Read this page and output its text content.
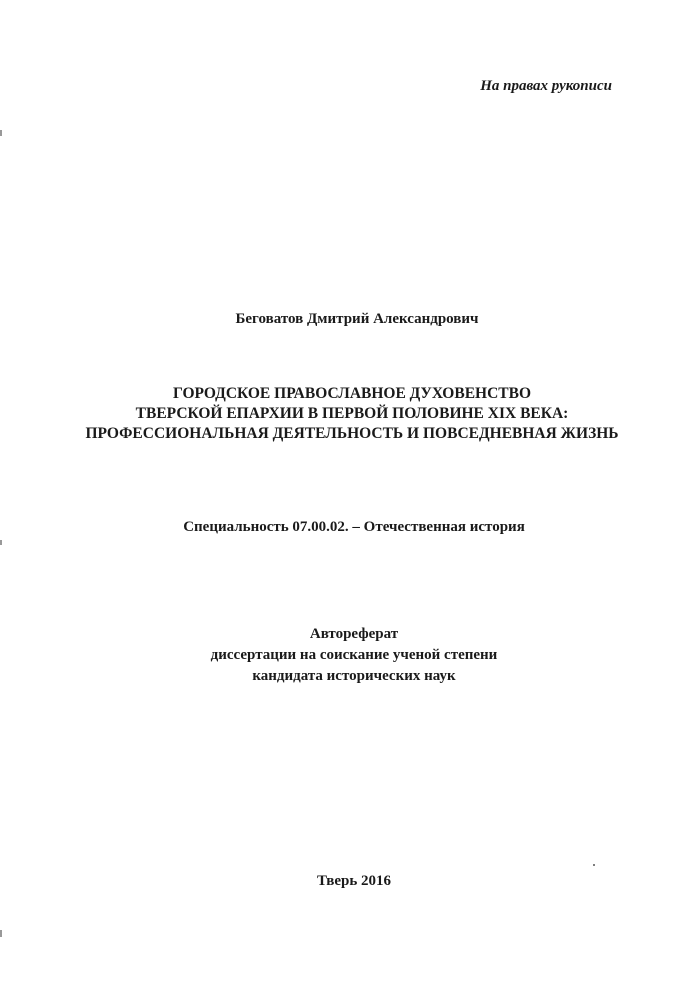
На правах рукописи
Беговатов Дмитрий Александрович
ГОРОДСКОЕ ПРАВОСЛАВНОЕ ДУХОВЕНСТВО
ТВЕРСКОЙ ЕПАРХИИ В ПЕРВОЙ ПОЛОВИНЕ XIX ВЕКА:
ПРОФЕССИОНАЛЬНАЯ ДЕЯТЕЛЬНОСТЬ И ПОВСЕДНЕВНАЯ ЖИЗНЬ
Специальность 07.00.02. – Отечественная история
Автореферат
диссертации на соискание ученой степени
кандидата исторических наук
Тверь 2016
